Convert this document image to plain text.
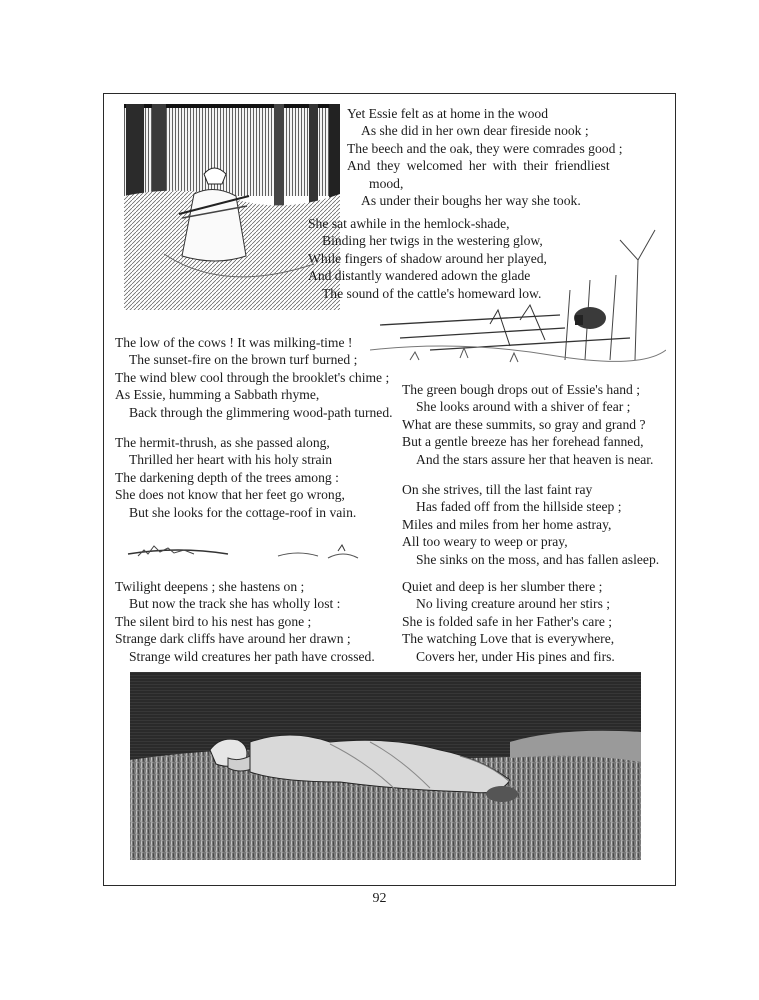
Yet Essie felt as at home in the wood
As she did in her own dear fireside nook ;
The beech and the oak, they were comrades good ;
And they welcomed her with their friendliest
mood,
As under their boughs her way she took.
She sat awhile in the hemlock-shade,
Binding her twigs in the westering glow,
While fingers of shadow around her played,
And distantly wandered adown the glade
The sound of the cattle's homeward low.
The low of the cows ! It was milking-time !
The sunset-fire on the brown turf burned ;
The wind blew cool through the brooklet's chime ;
As Essie, humming a Sabbath rhyme,
Back through the glimmering wood-path turned.
The hermit-thrush, as she passed along,
Thrilled her heart with his holy strain
The darkening depth of the trees among :
She does not know that her feet go wrong,
But she looks for the cottage-roof in vain.
Twilight deepens ; she hastens on ;
But now the track she has wholly lost :
The silent bird to his nest has gone ;
Strange dark cliffs have around her drawn ;
Strange wild creatures her path have crossed.
The green bough drops out of Essie's hand ;
She looks around with a shiver of fear ;
What are these summits, so gray and grand ?
But a gentle breeze has her forehead fanned,
And the stars assure her that heaven is near.
On she strives, till the last faint ray
Has faded off from the hillside steep ;
Miles and miles from her home astray,
All too weary to weep or pray,
She sinks on the moss, and has fallen asleep.
Quiet and deep is her slumber there ;
No living creature around her stirs ;
She is folded safe in her Father's care ;
The watching Love that is everywhere,
Covers her, under His pines and firs.
92
